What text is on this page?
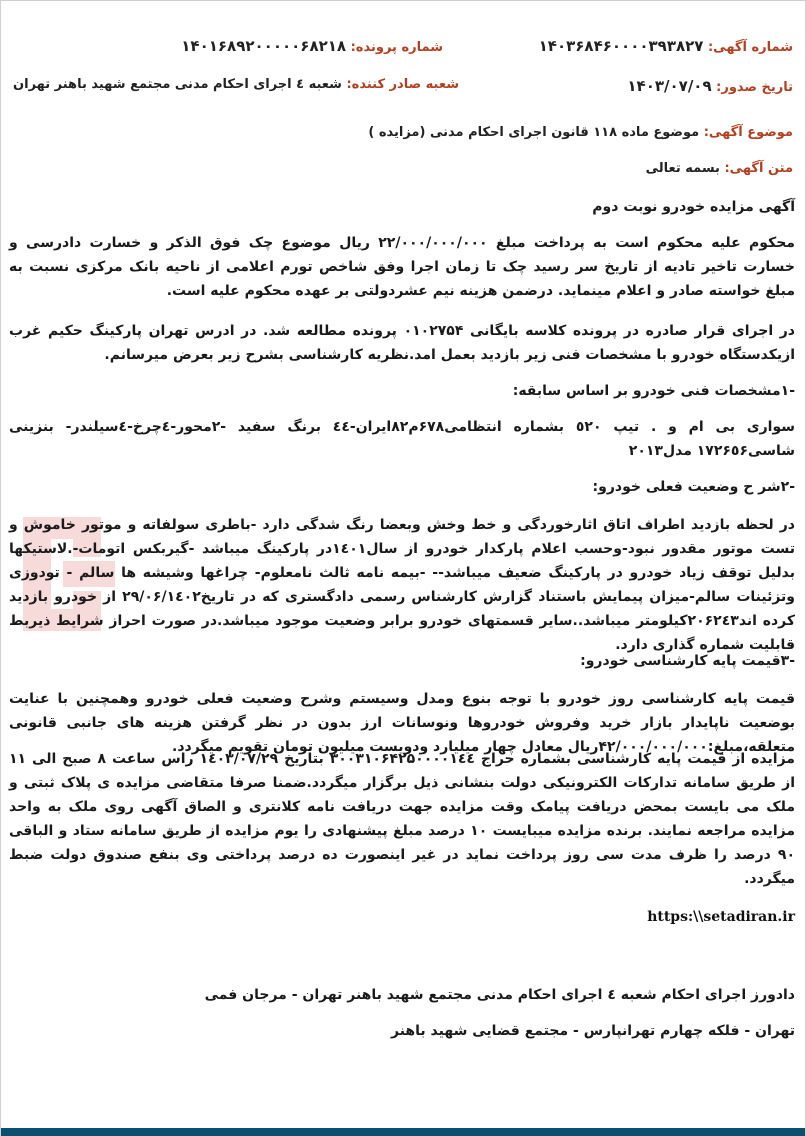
شماره آگهی: ۱۴۰۳۶۸۴۶۰۰۰۰۳۹۳۸۲۷
شماره پرونده: ۱۴۰۱۶۸۹۲۰۰۰۰۰۶۸۲۱۸
تاریخ صدور: ۱۴۰۳/۰۷/۰۹
شعبه صادر کننده: شعبه ٤ اجرای احکام مدنی مجتمع شهید باهنر تهران
موضوع آگهی: موضوع ماده ۱۱۸ قانون اجرای احکام مدنی (مزایده )
متن آگهی: بسمه تعالی
آگهی مزایده خودرو نوبت دوم
محکوم علیه محکوم است به پرداخت مبلغ ۲۲/۰۰۰/۰۰۰/۰۰۰ ریال موضوع چک فوق الذکر و خسارت دادرسی و خسارت تاخیر تادیه از تاریخ سر رسید چک تا زمان اجرا وفق شاخص تورم اعلامی از ناحیه بانک مرکزی نسبت به مبلغ خواسته صادر و اعلام مینماید. درضمن هزینه نیم عشردولتی بر عهده محکوم علیه است.
در اجرای قرار صادره در پرونده کلاسه بایگانی ۰۱۰۲۷۵۴ پرونده مطالعه شد. در ادرس تهران پارکینگ حکیم غرب ازیکدستگاه خودرو با مشخصات فنی زیر بازدید بعمل امد.نظریه کارشناسی بشرح زیر بعرض میرسانم.
-۱مشخصات فنی خودرو بر اساس سابقه:
سواری بی ام و . تیپ ٥٢٠ بشماره انتظامی۶۷۸م۸۲ایران-٤٤ برنگ سفید -۲محور-٤چرخ-٤سیلندر- بنزینی شاسی۱۷۲۶٥۶ مدل۲۰۱۳
-۲شر ح وضعیت فعلی خودرو:
در لحظه بازدید اطراف اتاق اثارخوردگی و خط وخش وبعضا رنگ شدگی دارد -باطری سولفاته و موتور خاموش و تست موتور مقدور نبود-وحسب اعلام پارکدار خودرو از سال۱٤۰۱در پارکینگ میباشد -گیربکس اتومات-.لاستیکها بدلیل توقف زیاد خودرو در پارکینگ ضعیف میباشد-- -بیمه نامه ثالث نامعلوم- چراغها وشیشه ها سالم - تودوزی وتزئینات سالم-میزان پیمایش باستناد گزارش کارشناس رسمی دادگستری که در تاریخ۲۹/۰۶/۱٤۰۲ از خودرو بازدید کرده اند۲۰۶۲٤۳کیلومتر میباشد..سایر قسمتهای خودرو برابر وضعیت موجود میباشد.در صورت احراز شرایط ذیربط قابلیت شماره گذاری دارد.
-۳قیمت پایه کارشناسی خودرو:
قیمت پایه کارشناسی روز خودرو با توجه بنوع ومدل وسیستم وشرح وضعیت فعلی خودرو وهمچنین با عنایت بوضعیت ناپایدار بازار خرید وفروش خودروها ونوسانات ارز بدون در نظر گرفتن هزینه های جانبی قانونی متعلقه،مبلغ:۴۲/۰۰۰/۰۰۰/۰۰۰ریال معادل چهار میلیارد ودویست میلیون تومان تقویم میگردد.
مزایده از قیمت پایه کارشناسی بشماره حراج ۳۰۰۳۱۰۶۴۲۵۰۰۰۰۱٤٤ بتاریخ ۱٤۰۳/۰۷/۲۹ راس ساعت ۸ صبح الی ۱۱ از طریق سامانه تدارکات الکترونیکی دولت بنشانی ذیل برگزار میگردد.ضمنا صرفا متقاضی مزایده ی پلاک ثبتی و ملک می بایست بمحض دریافت پیامک وقت مزایده جهت دریافت نامه کلانتری و الصاق آگهی روی ملک به واحد مزایده مراجعه نمایند. برنده مزایده میبایست ۱۰ درصد مبلغ پیشنهادی را یوم مزایده از طریق سامانه ستاد و الباقی ۹۰ درصد را ظرف مدت سی روز پرداخت نماید در غیر اینصورت ده درصد پرداختی وی بنفع صندوق دولت ضبط میگردد.
https:\\setadiran.ir
دادورز اجرای احکام شعبه ٤ اجرای احکام مدنی مجتمع شهید باهنر تهران - مرجان فمی
تهران - فلکه چهارم تهرانپارس - مجتمع قضایی شهید باهنر
